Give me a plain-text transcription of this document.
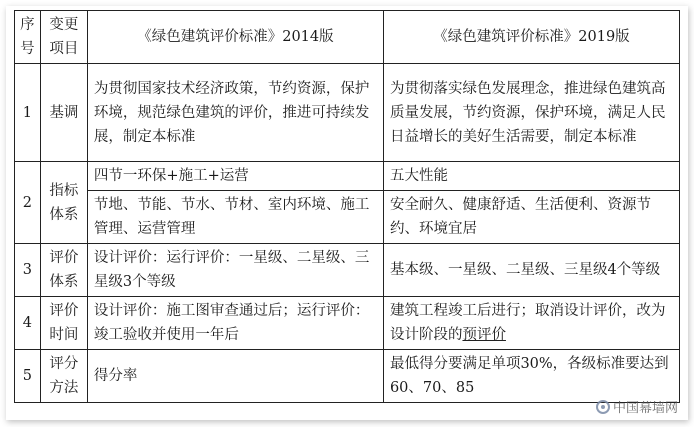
序号	变更项目	《绿色建筑评价标准》2014版	《绿色建筑评价标准》2019版
1	基调	为贯彻国家技术经济政策，节约资源，保护环境，规范绿色建筑的评价，推进可持续发展，制定本标准	为贯彻落实绿色发展理念，推进绿色建筑高质量发展，节约资源，保护环境，满足人民日益增长的美好生活需要，制定本标准
2	指标体系	四节一环保+施工+运营	五大性能
		节地、节能、节水、节材、室内环境、施工管理、运营管理	安全耐久、健康舒适、生活便利、资源节约、环境宜居
3	评价体系	设计评价：运行评价：一星级、二星级、三星级3个等级	基本级、一星级、二星级、三星级4个等级
4	评价时间	设计评价：施工图审查通过后；运行评价：竣工验收并使用一年后	建筑工程竣工后进行；取消设计评价，改为设计阶段的预评价
5	评分方法	得分率	最低得分要满足单项30%，各级标准要达到60、70、85
中国幕墙网
